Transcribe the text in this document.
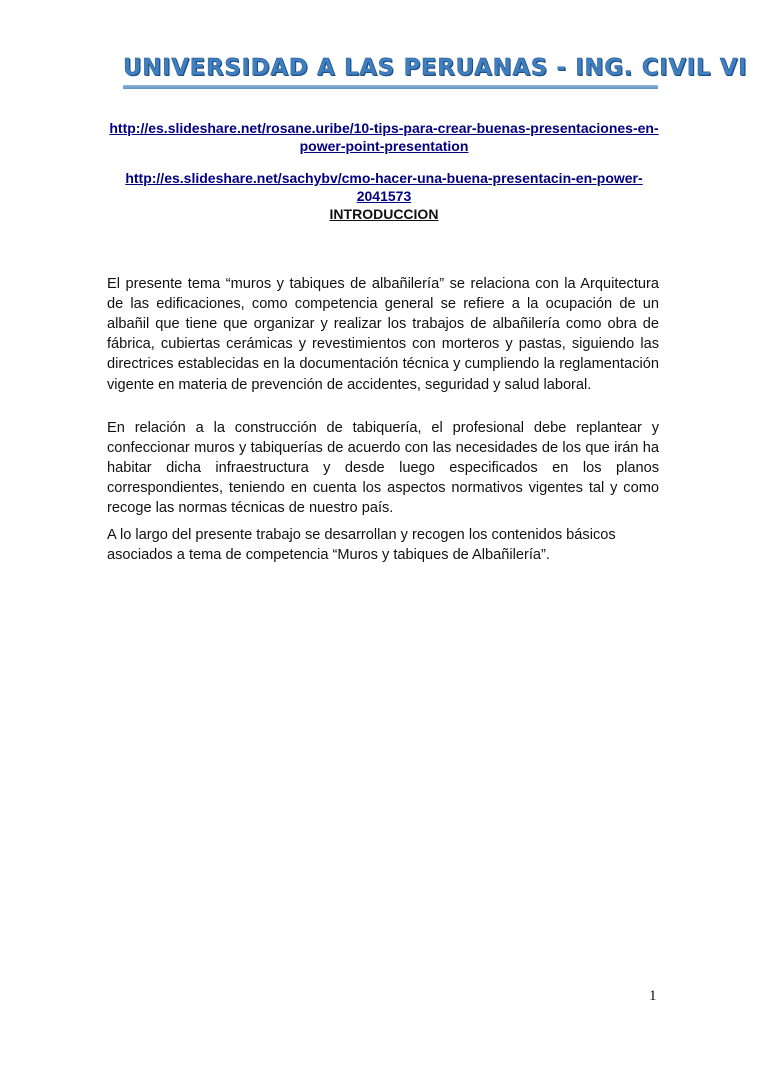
UNIVERSIDAD A LAS PERUANAS - ING. CIVIL VI
http://es.slideshare.net/rosane.uribe/10-tips-para-crear-buenas-presentaciones-en-power-point-presentation
http://es.slideshare.net/sachybv/cmo-hacer-una-buena-presentacin-en-power-2041573
INTRODUCCION

El presente tema “muros y tabiques de albañilería” se relaciona con la Arquitectura de las edificaciones, como competencia general se refiere a la ocupación de un albañil que tiene que organizar y realizar los trabajos de albañilería como obra de fábrica, cubiertas cerámicas y revestimientos con morteros y pastas, siguiendo las directrices establecidas en la documentación técnica y cumpliendo la reglamentación vigente en materia de prevención de accidentes, seguridad y salud laboral.

En relación a la construcción de tabiquería, el profesional debe replantear y confeccionar muros y tabiquerías de acuerdo con las necesidades de los que irán ha habitar dicha infraestructura y desde luego especificados en los planos correspondientes, teniendo en cuenta los aspectos normativos vigentes tal y como recoge las normas técnicas de nuestro país.

A lo largo del presente trabajo se desarrollan y recogen los contenidos básicos asociados a tema de competencia “Muros y tabiques de Albañilería”.

1
